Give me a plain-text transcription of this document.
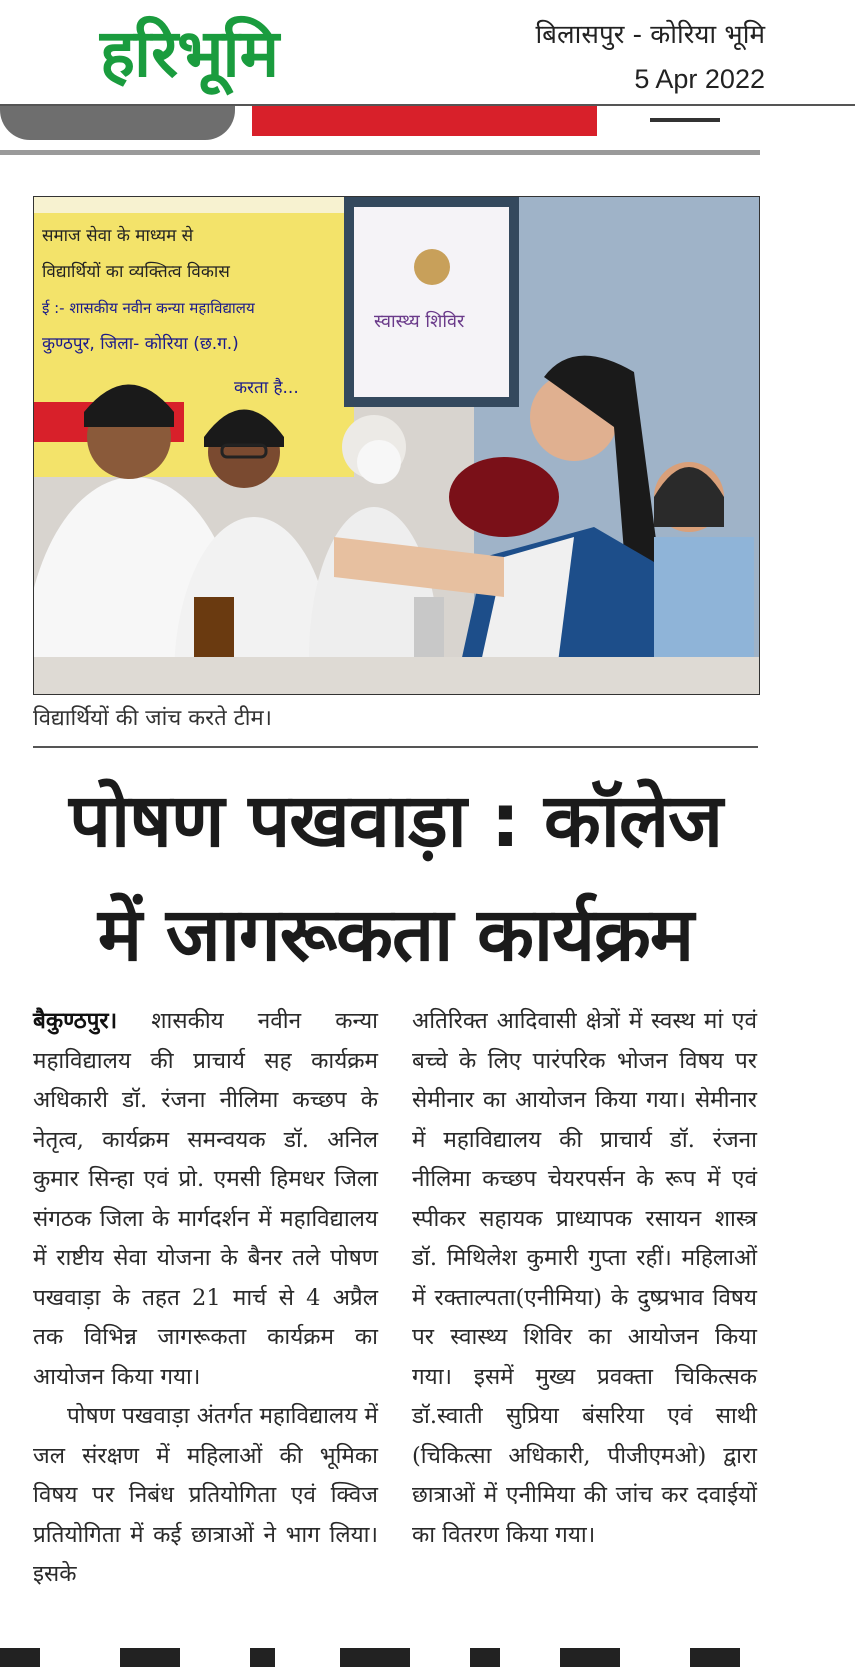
हरिभूमि	बिलासपुर - कोरिया भूमि
5 Apr 2022
समाज सेवा के माध्यम से
विद्यार्थियों का व्यक्तित्व विकास
ई :- शासकीय नवीन कन्या महाविद्यालय
कुण्ठपुर, जिला- कोरिया (छ.ग.)
करता है...
स्वास्थ्य शिविर
विद्यार्थियों की जांच करते टीम।
पोषण पखवाड़ा : कॉलेज
में जागरूकता कार्यक्रम

बैकुण्ठपुर। शासकीय नवीन कन्या महाविद्यालय की प्राचार्य सह कार्यक्रम अधिकारी डॉ. रंजना नीलिमा कच्छप के नेतृत्व, कार्यक्रम समन्वयक डॉ. अनिल कुमार सिन्हा एवं प्रो. एमसी हिमधर जिला संगठक जिला के मार्गदर्शन में महाविद्यालय में राष्टीय सेवा योजना के बैनर तले पोषण पखवाड़ा के तहत 21 मार्च से 4 अप्रैल तक विभिन्न जागरूकता कार्यक्रम का आयोजन किया गया।

पोषण पखवाड़ा अंतर्गत महाविद्यालय में जल संरक्षण में महिलाओं की भूमिका विषय पर निबंध प्रतियोगिता एवं क्विज प्रतियोगिता में कई छात्राओं ने भाग लिया। इसके

अतिरिक्त आदिवासी क्षेत्रों में स्वस्थ मां एवं बच्चे के लिए पारंपरिक भोजन विषय पर सेमीनार का आयोजन किया गया। सेमीनार में महाविद्यालय की प्राचार्य डॉ. रंजना नीलिमा कच्छप चेयरपर्सन के रूप में एवं स्पीकर सहायक प्राध्यापक रसायन शास्त्र डॉ. मिथिलेश कुमारी गुप्ता रहीं। महिलाओं में रक्ताल्पता(एनीमिया) के दुष्प्रभाव विषय पर स्वास्थ्य शिविर का आयोजन किया गया। इसमें मुख्य प्रवक्ता चिकित्सक डॉ.स्वाती सुप्रिया बंसरिया एवं साथी (चिकित्सा अधिकारी, पीजीएमओ) द्वारा छात्राओं में एनीमिया की जांच कर दवाईयों का वितरण किया गया।
